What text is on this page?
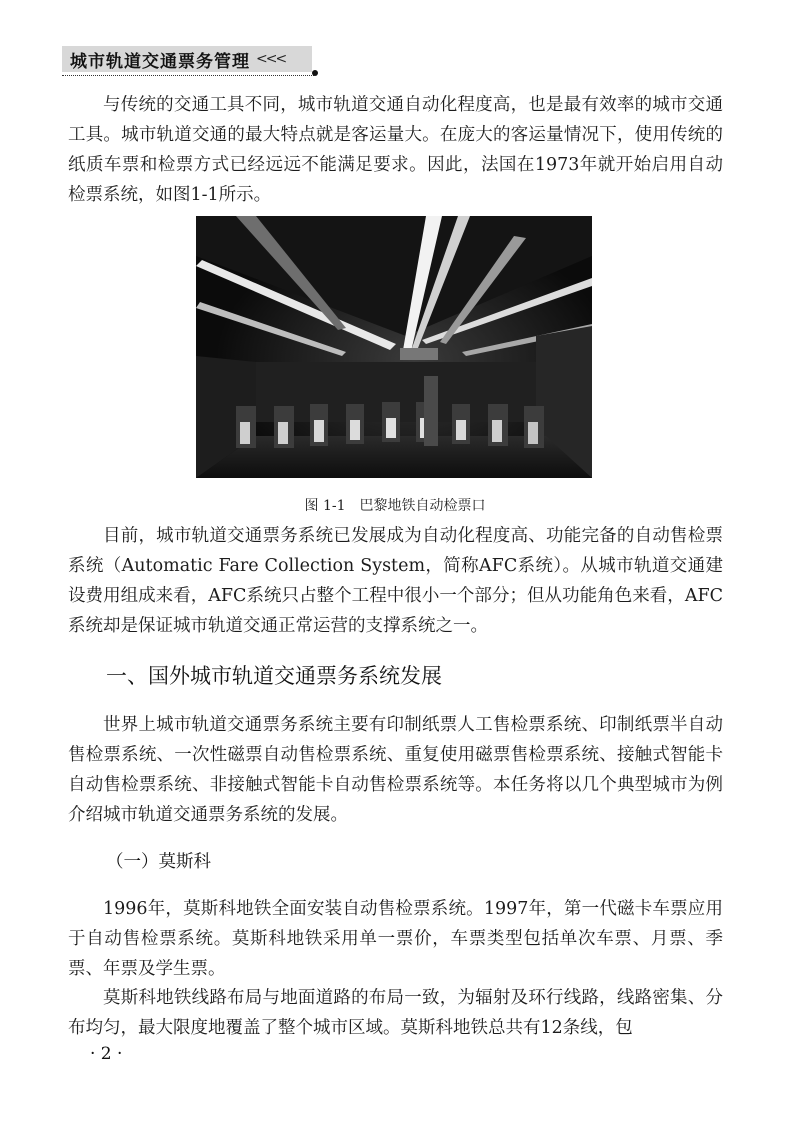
城市轨道交通票务管理 <<<

与传统的交通工具不同，城市轨道交通自动化程度高，也是最有效率的城市交通工具。城市轨道交通的最大特点就是客运量大。在庞大的客运量情况下，使用传统的纸质车票和检票方式已经远远不能满足要求。因此，法国在1973年就开始启用自动检票系统，如图1-1所示。

图 1-1　巴黎地铁自动检票口

目前，城市轨道交通票务系统已发展成为自动化程度高、功能完备的自动售检票系统（Automatic Fare Collection System，简称AFC系统）。从城市轨道交通建设费用组成来看，AFC系统只占整个工程中很小一个部分；但从功能角色来看，AFC系统却是保证城市轨道交通正常运营的支撑系统之一。

一、国外城市轨道交通票务系统发展

世界上城市轨道交通票务系统主要有印制纸票人工售检票系统、印制纸票半自动售检票系统、一次性磁票自动售检票系统、重复使用磁票售检票系统、接触式智能卡自动售检票系统、非接触式智能卡自动售检票系统等。本任务将以几个典型城市为例介绍城市轨道交通票务系统的发展。

（一）莫斯科

1996年，莫斯科地铁全面安装自动售检票系统。1997年，第一代磁卡车票应用于自动售检票系统。莫斯科地铁采用单一票价，车票类型包括单次车票、月票、季票、年票及学生票。

莫斯科地铁线路布局与地面道路的布局一致，为辐射及环行线路，线路密集、分布均匀，最大限度地覆盖了整个城市区域。莫斯科地铁总共有12条线，包

· 2 ·
